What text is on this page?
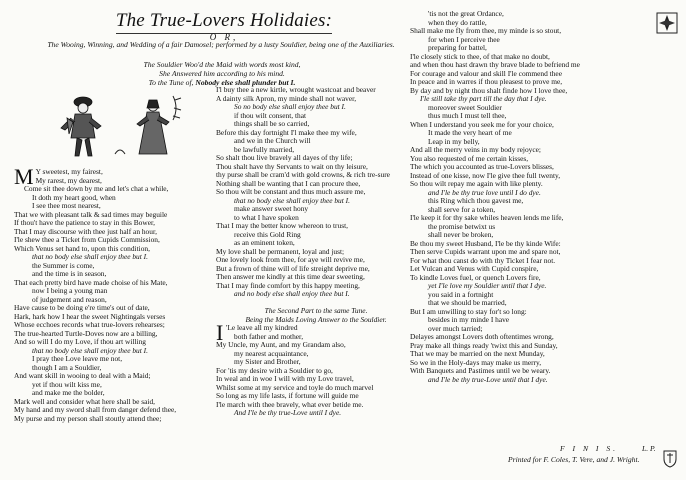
The True-Lovers Holidaies:
O R,
The Wooing, Winning, and Wedding of a fair Damosel; performed by a lusty Souldier, being one of the Auxiliaries.
The Souldier Woo'd the Maid with words most kind,
She Answered him according to his mind.
To the Tune of, Nobody else shall plunder but I.
M Y sweetest, my fairest,
My rarest, my dearest,
Come sit thee down by me and let's chat a while,
It doth my heart good, when
I see thee most nearest,
That we with pleasant talk & sad times may beguile
If thou't have the patience to stay in this Bower,
That I may discourse with thee just half an hour,
I'le shew thee a Ticket from Cupids Commission,
Which Venus set hand to, upon this condition,
that no body else shall enjoy thee but I.
the Summer is come,
and the time is in season,
That each pretty bird have made choise of his Mate,
now I being a young man
of judgement and reason,
Have cause to be doing e're time's out of date,
Hark, hark how I hear the sweet Nightingals verses
Whose ecchoes records what true-lovers rehearses;
The true-hearted Turtle-Doves now are a billing,
And so will I do my Love, if thou art willing
that no body else shall enjoy thee but I.
I pray thee Love leave me not,
though I am a Souldier,
And want skill in wooing to deal with a Maid;
yet if thou wilt kiss me,
and make me the bolder,
Mark well and consider what here shall be said,
My hand and my sword shall from danger defend thee,
My purse and my person shall stoutly attend thee;
I'l buy thee a new kirtle, wrought wastcoat and beaver
A dainty silk Apron, my minde shall not waver,
So no body else shall enjoy thee but I.
if thou wilt consent, that
things shall be so carried,
Before this day fortnight I'l make thee my wife,
and we in the Church will
be lawfully married,
So shalt thou live bravely all dayes of thy life;
Thou shalt have thy Servants to wait on thy leisure,
thy purse shall be cram'd with gold crowns, & rich tre-sure
Nothing shall be wanting that I can procure thee,
So thou wilt be constant and thus much assure me,
that no body else shall enjoy thee but I.
make answer sweet hony
to what I have spoken
That I may the better know whereon to trust,
receive this Gold Ring
as an eminent token,
My love shall be permanent, loyal and just;
One lovely look from thee, for aye will revive me,
But a frown of thine will of life streight deprive me,
Then answer me kindly at this time dear sweeting,
That I may finde comfort by this happy meeting,
and no body else shall enjoy thee but I.
The Second Part to the same Tune.
Being the Maids Loving Answer to the Souldier.
I 'Le leave all my kindred
both father and mother,
My Uncle, my Aunt, and my Grandam also,
my nearest acquaintance,
my Sister and Brother,
For 'tis my desire with a Souldier to go,
In weal and in woe I will with my Love travel,
Whilst some at my service and toyle do much marvel
So long as my life lasts, if fortune will guide me
I'le march with thee bravely, what ever betide me.
And I'le be thy true-Love until I dye.
'tis not the great Ordance,
when they do rattle,
Shall make me fly from thee, my minde is so stout,
for when I perceive thee
preparing for battel,
I'le closely stick to thee, of that make no doubt,
and when thou hast drawn thy brave blade to befriend me
For courage and valour and skill I'le commend thee
In peace and in warres if thou pleasest to prove me,
By day and by night thou shalt finde how I love thee,
I'le still take thy part till the day that I dye.
moreover sweet Souldier
thus much I must tell thee,
When I understand you seek me for your choice,
It made the very heart of me
Leap in my belly,
And all the merry veins in my body rejoyce;
You also requested of me certain kisses,
The which you accounted as true-Lovers blisses,
Instead of one kisse, now I'le give thee full twenty,
So thou wilt repay me again with like plenty.
and I'le be thy true love until I do dye.
this Ring which thou gavest me,
shall serve for a token,
I'le keep it for thy sake whiles heaven lends me life,
the promise betwixt us
shall never be broken,
Be thou my sweet Husband, I'le be thy kinde Wife:
Then serve Cupids warrant upon me and spare not,
For what thou canst do with thy Ticket I fear not.
Let Vulcan and Venus with Cupid conspire,
To kindle Loves fuel, or quench Lovers fire,
yet I'le love my Souldier until that I dye.
you said in a fortnight
that we should be married,
But I am unwilling to stay for't so long:
besides in my minde I have
over much tarried;
Delayes amongst Lovers doth oftentimes wrong,
Pray make all things ready 'twixt this and Sunday,
That we may be married on the next Munday,
So we in the Holy-days may make us merry,
With Banquets and Pastimes until we be weary.
and I'le be thy true-Love until that I dye.
F I N I S.	L. P.
Printed for F. Coles, T. Vere, and J. Wright.
